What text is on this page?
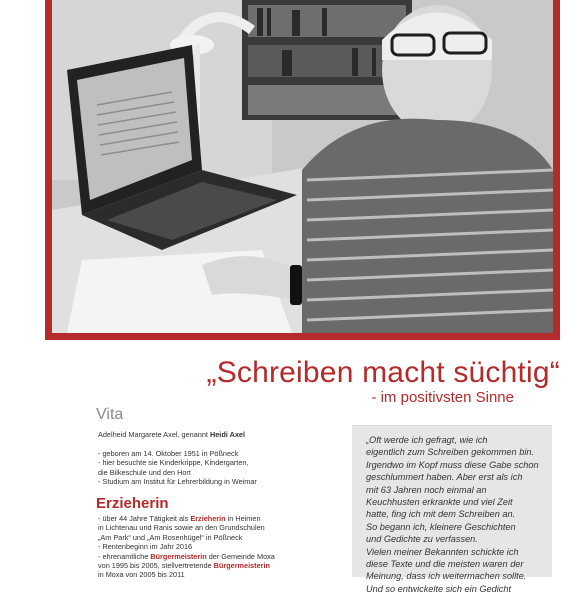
„Schreiben macht süchtig“
- im positivsten Sinne
Vita
Adelheid Margarete Axel, genannt Heidi Axel
- geboren am 14. Oktober 1951 in Pößneck
- hier besuchte sie Kinderkrippe, Kindergarten,
die Bilkeschule und den Hort
- Studium am Institut für Lehrerbildung in Weimar
Erzieherin
- über 44 Jahre Tätigkeit als Erzieherin in Heimen
in Lichtenau und Ranis sowie an den Grundschulen
„Am Park“ und „Am Rosenhügel“ in Pößneck
- Rentenbeginn im Jahr 2016
- ehrenamtliche Bürgermeisterin der Gemeinde Moxa
von 1995 bis 2005, stellvertretende Bürgermeisterin
in Moxa von 2005 bis 2011
„Oft werde ich gefragt, wie ich
eigentlich zum Schreiben gekommen bin.
Irgendwo im Kopf muss diese Gabe schon
geschlummert haben. Aber erst als ich
mit 63 Jahren noch einmal an
Keuchhusten erkrankte und viel Zeit
hatte, fing ich mit dem Schreiben an.
So begann ich, kleinere Geschichten
und Gedichte zu verfassen.
Vielen meiner Bekannten schickte ich
diese Texte und die meisten waren der
Meinung, dass ich weitermachen sollte.
Und so entwickelte sich ein Gedicht
